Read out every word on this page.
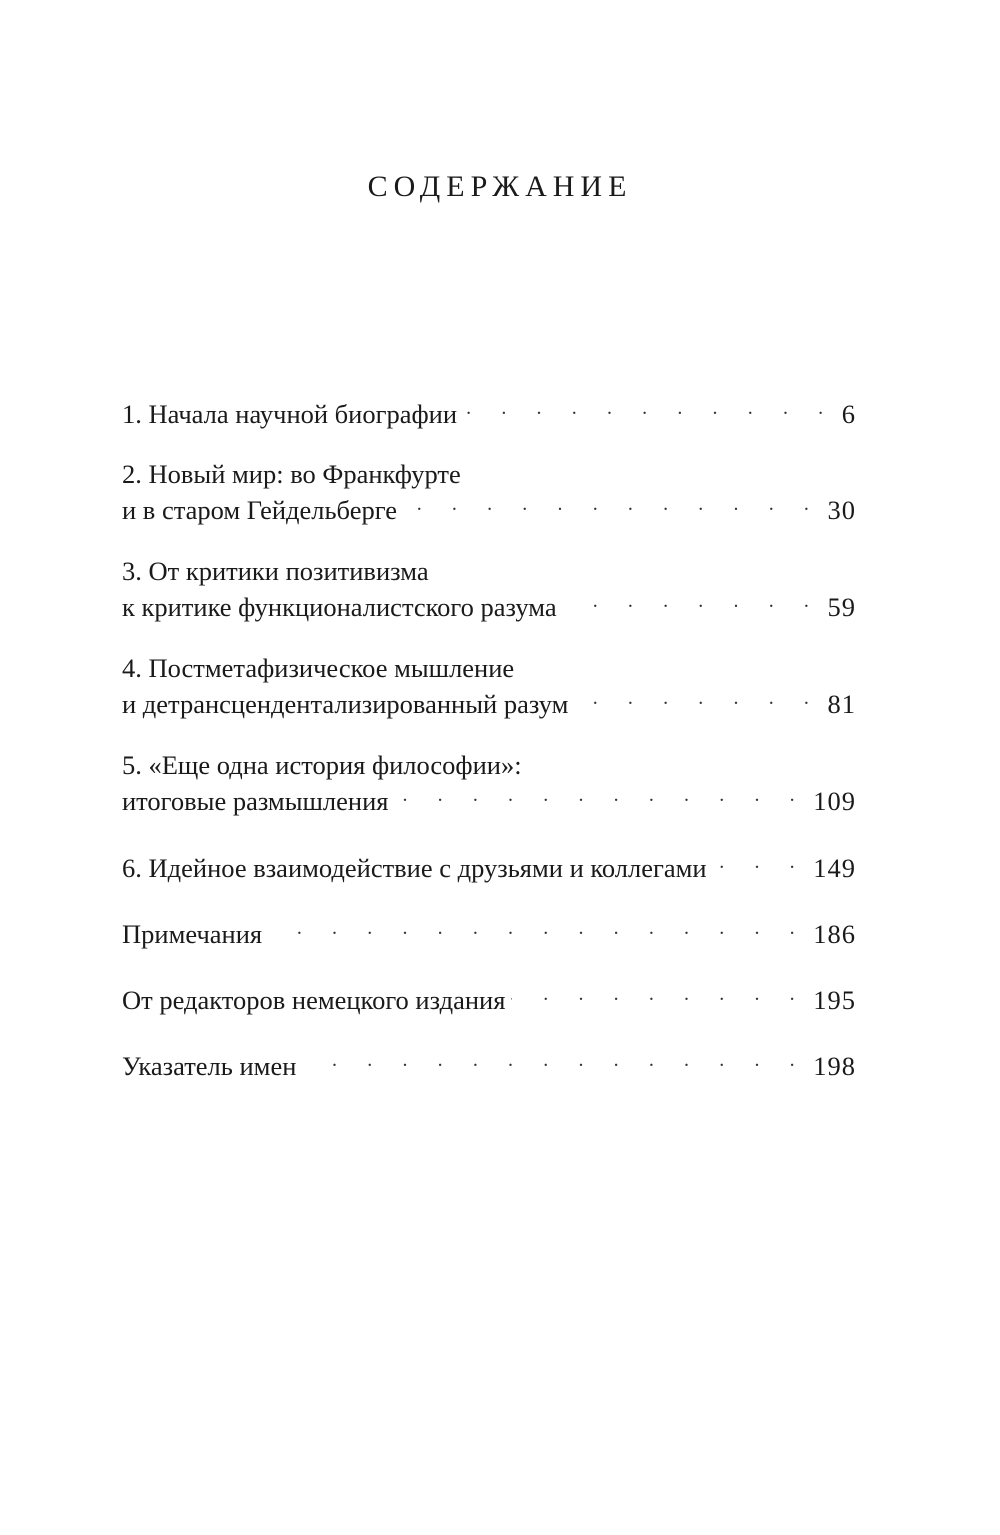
СОДЕРЖАНИЕ
1. Начала научной биографии . . .	6
2. Новый мир: во Франкфурте
и в старом Гейдельберге . . .	30
3. От критики позитивизма
к критике функционалистского разума . . .	59
4. Постметафизическое мышление
и детрансцендентализированный разум . . .	81
5. «Еще одна история философии»:
итоговые размышления . . .	109
6. Идейное взаимодействие с друзьями и коллегами . . .	149
Примечания . . .	186
От редакторов немецкого издания . . .	195
Указатель имен . . .	198
